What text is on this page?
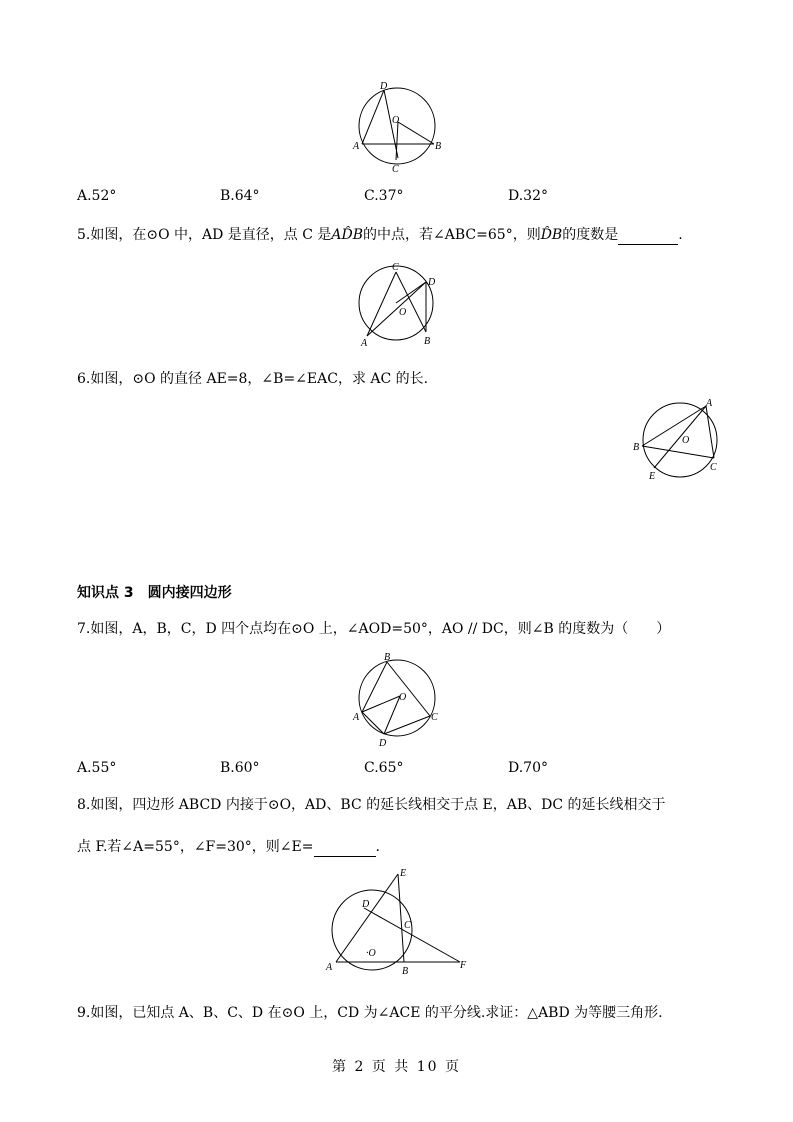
D
O
A	B
C
A.52°	B.64°	C.37°	D.32°
5.如图，在⊙O 中，AD 是直径，点 C 是AD̂B的中点，若∠ABC=65°，则D̂B的度数是	.
C
D
O
A	B
6.如图，⊙O 的直径 AE=8，∠B=∠EAC，求 AC 的长.
A
B
O
E
C
知识点 3　圆内接四边形
7.如图，A，B，C，D 四个点均在⊙O 上，∠AOD=50°，AO // DC，则∠B 的度数为（　　）
B
O
A	C
D
A.55°	B.60°	C.65°	D.70°
8.如图，四边形 ABCD 内接于⊙O，AD、BC 的延长线相交于点 E，AB、DC 的延长线相交于
点 F.若∠A=55°，∠F=30°，则∠E=	.
E
D
C
·O
A	B
F
9.如图，已知点 A、B、C、D 在⊙O 上，CD 为∠ACE 的平分线.求证：△ABD 为等腰三角形.
第 2 页 共 10 页
